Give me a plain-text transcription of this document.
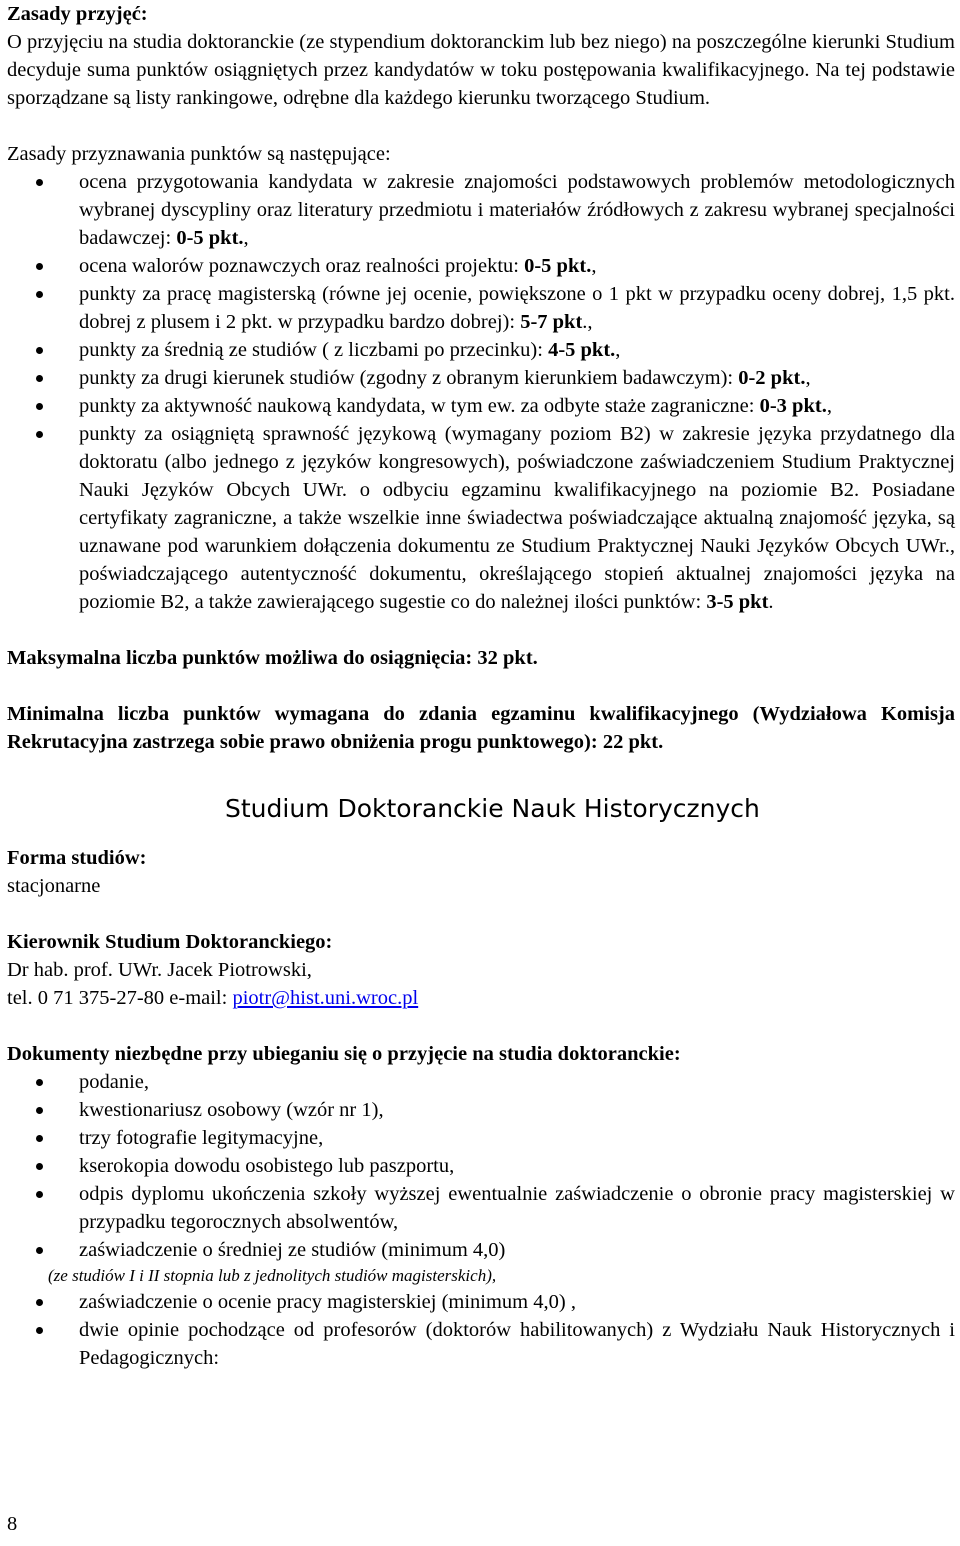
Zasady przyjęć:

O przyjęciu na studia doktoranckie (ze stypendium doktoranckim lub bez niego) na poszczególne kierunki Studium decyduje suma punktów osiągniętych przez kandydatów w toku postępowania kwalifikacyjnego. Na tej podstawie sporządzane są listy rankingowe, odrębne dla każdego kierunku tworzącego Studium.

Zasady przyznawania punktów są następujące:

ocena przygotowania kandydata w zakresie znajomości podstawowych problemów metodologicznych wybranej dyscypliny oraz literatury przedmiotu i materiałów źródłowych z zakresu wybranej specjalności badawczej: 0-5 pkt.,
ocena walorów poznawczych oraz realności projektu: 0-5 pkt.,
punkty za pracę magisterską (równe jej ocenie, powiększone o 1 pkt w przypadku oceny dobrej, 1,5 pkt. dobrej z plusem i 2 pkt. w przypadku bardzo dobrej): 5-7 pkt.,
punkty za średnią ze studiów ( z liczbami po przecinku): 4-5 pkt.,
punkty za drugi kierunek studiów (zgodny z obranym kierunkiem badawczym): 0-2 pkt.,
punkty za aktywność naukową kandydata, w tym ew. za odbyte staże zagraniczne: 0-3 pkt.,
punkty za osiągniętą sprawność językową (wymagany poziom B2) w zakresie języka przydatnego dla doktoratu (albo jednego z języków kongresowych), poświadczone zaświadczeniem Studium Praktycznej Nauki Języków Obcych UWr. o odbyciu egzaminu kwalifikacyjnego na poziomie B2. Posiadane certyfikaty zagraniczne, a także wszelkie inne świadectwa poświadczające aktualną znajomość języka, są uznawane pod warunkiem dołączenia dokumentu ze Studium Praktycznej Nauki Języków Obcych UWr., poświadczającego autentyczność dokumentu, określającego stopień aktualnej znajomości języka na poziomie B2, a także zawierającego sugestie co do należnej ilości punktów: 3-5 pkt.

Maksymalna liczba punktów możliwa do osiągnięcia: 32 pkt.

Minimalna liczba punktów wymagana do zdania egzaminu kwalifikacyjnego (Wydziałowa Komisja Rekrutacyjna zastrzega sobie prawo obniżenia progu punktowego): 22 pkt.

Studium Doktoranckie Nauk Historycznych

Forma studiów:

stacjonarne

Kierownik Studium Doktoranckiego:

Dr hab. prof. UWr. Jacek Piotrowski,

tel. 0 71 375-27-80 e-mail: piotr@hist.uni.wroc.pl

Dokumenty niezbędne przy ubieganiu się o przyjęcie na studia doktoranckie:

podanie,
kwestionariusz osobowy (wzór nr 1),
trzy fotografie legitymacyjne,
kserokopia dowodu osobistego lub paszportu,
odpis dyplomu ukończenia szkoły wyższej ewentualnie zaświadczenie o obronie pracy magisterskiej w przypadku tegorocznych absolwentów,
zaświadczenie o średniej ze studiów (minimum 4,0)

(ze studiów I i II stopnia lub z jednolitych studiów magisterskich),

zaświadczenie o ocenie pracy magisterskiej (minimum 4,0) ,
dwie opinie pochodzące od profesorów (doktorów habilitowanych) z Wydziału Nauk Historycznych i Pedagogicznych:
8
